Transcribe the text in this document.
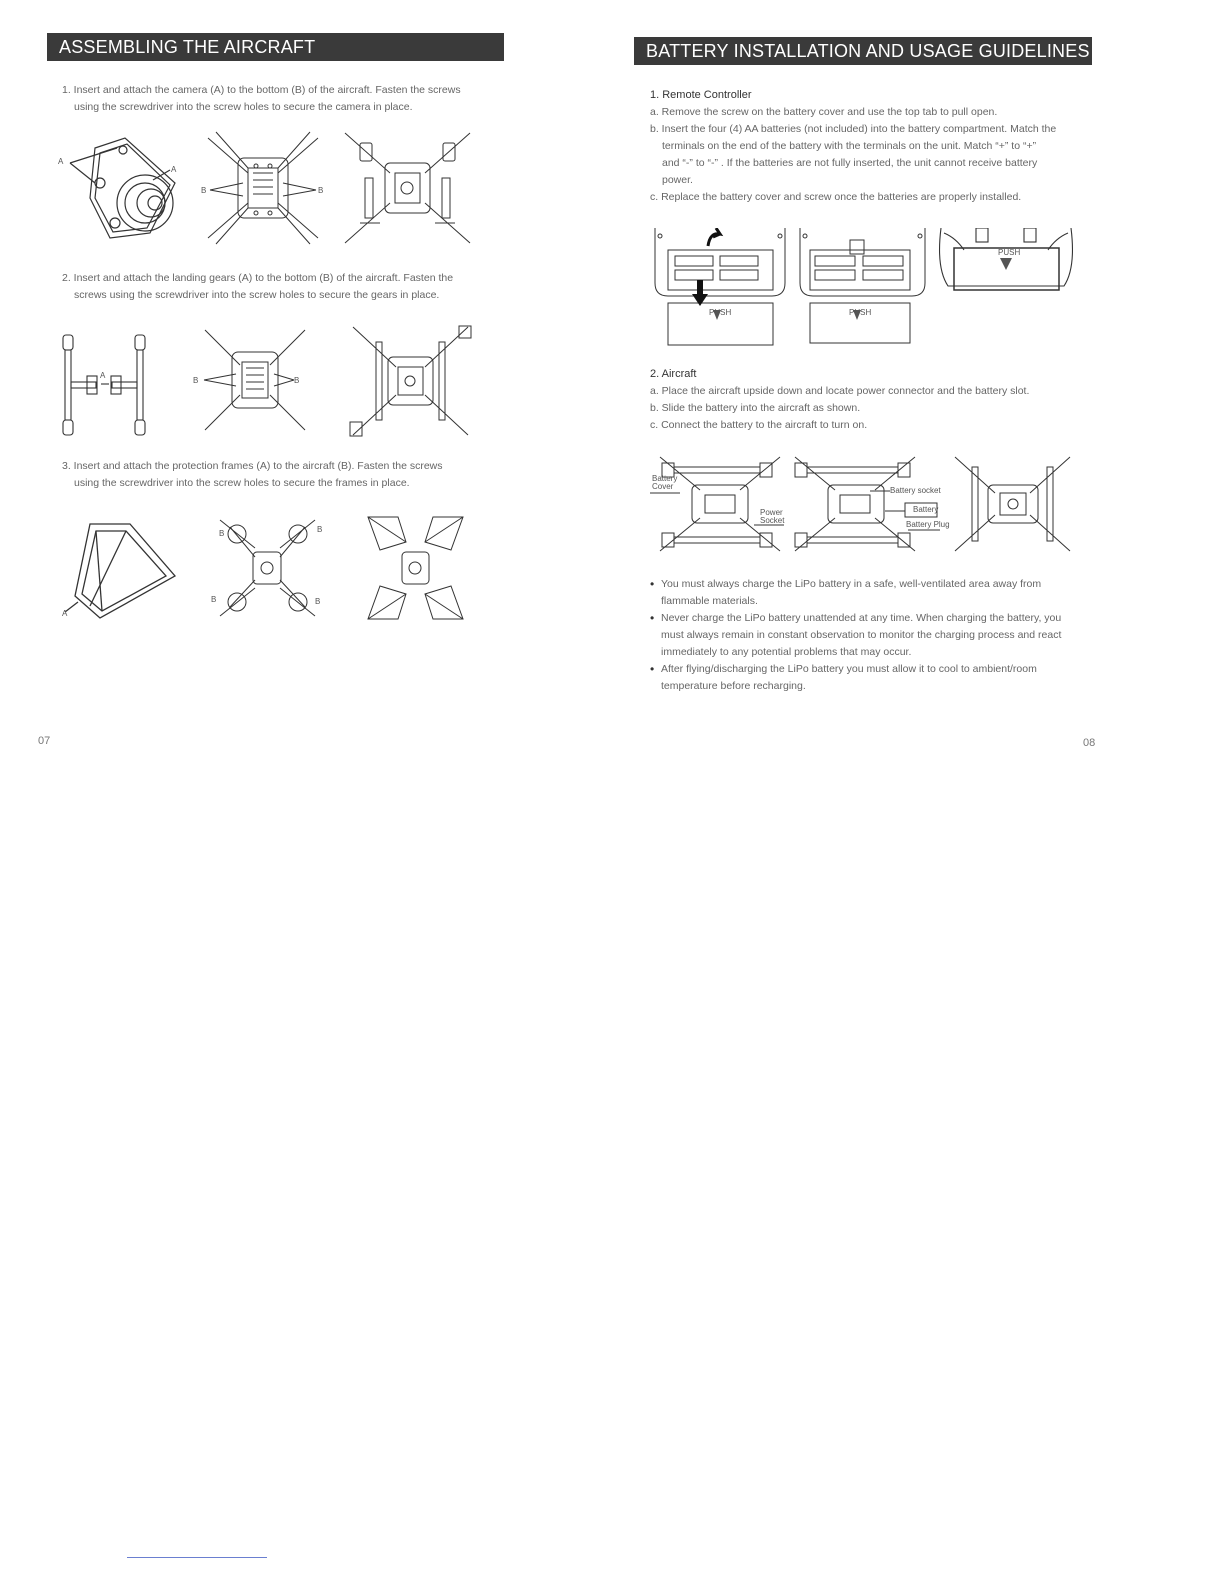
ASSEMBLING THE AIRCRAFT

1. Insert and attach the camera (A) to the bottom (B) of the aircraft. Fasten the screws

using the screwdriver into the screw holes to secure the camera in place.

A
A
B	B

2. Insert and attach the landing gears (A) to the bottom (B) of the aircraft. Fasten the

screws using the screwdriver into the screw holes to secure the gears in place.

A
B	B

3. Insert and attach the protection frames (A) to the aircraft (B). Fasten the screws

using the screwdriver into the screw holes to secure the frames in place.

A
B	B
B	B
07
BATTERY INSTALLATION AND USAGE GUIDELINES
1. Remote Controller

a. Remove the screw on the battery cover and use the top tab to pull open.

b. Insert the four (4) AA batteries (not included) into the battery compartment. Match the

terminals on the end of the battery with the terminals on the unit. Match “+” to “+”

and “-” to “-” . If the batteries are not fully inserted, the unit cannot receive battery

power.

c. Replace the battery cover and screw once the batteries are properly installed.

PUSH	PUSH
PUSH
2. Aircraft

a. Place the aircraft upside down and locate power connector and the battery slot.

b. Slide the battery into the aircraft as shown.

c. Connect the battery to the aircraft to turn on.

Battery
Cover
Power
Socket
Battery socket
Battery
Battery Plug

• You must always charge the LiPo battery in a safe, well-ventilated area away from

flammable materials.

• Never charge the LiPo battery unattended at any time. When charging the battery, you

must always remain in constant observation to monitor the charging process and react

immediately to any potential problems that may occur.

• After flying/discharging the LiPo battery you must allow it to cool to ambient/room

temperature before recharging.

08
